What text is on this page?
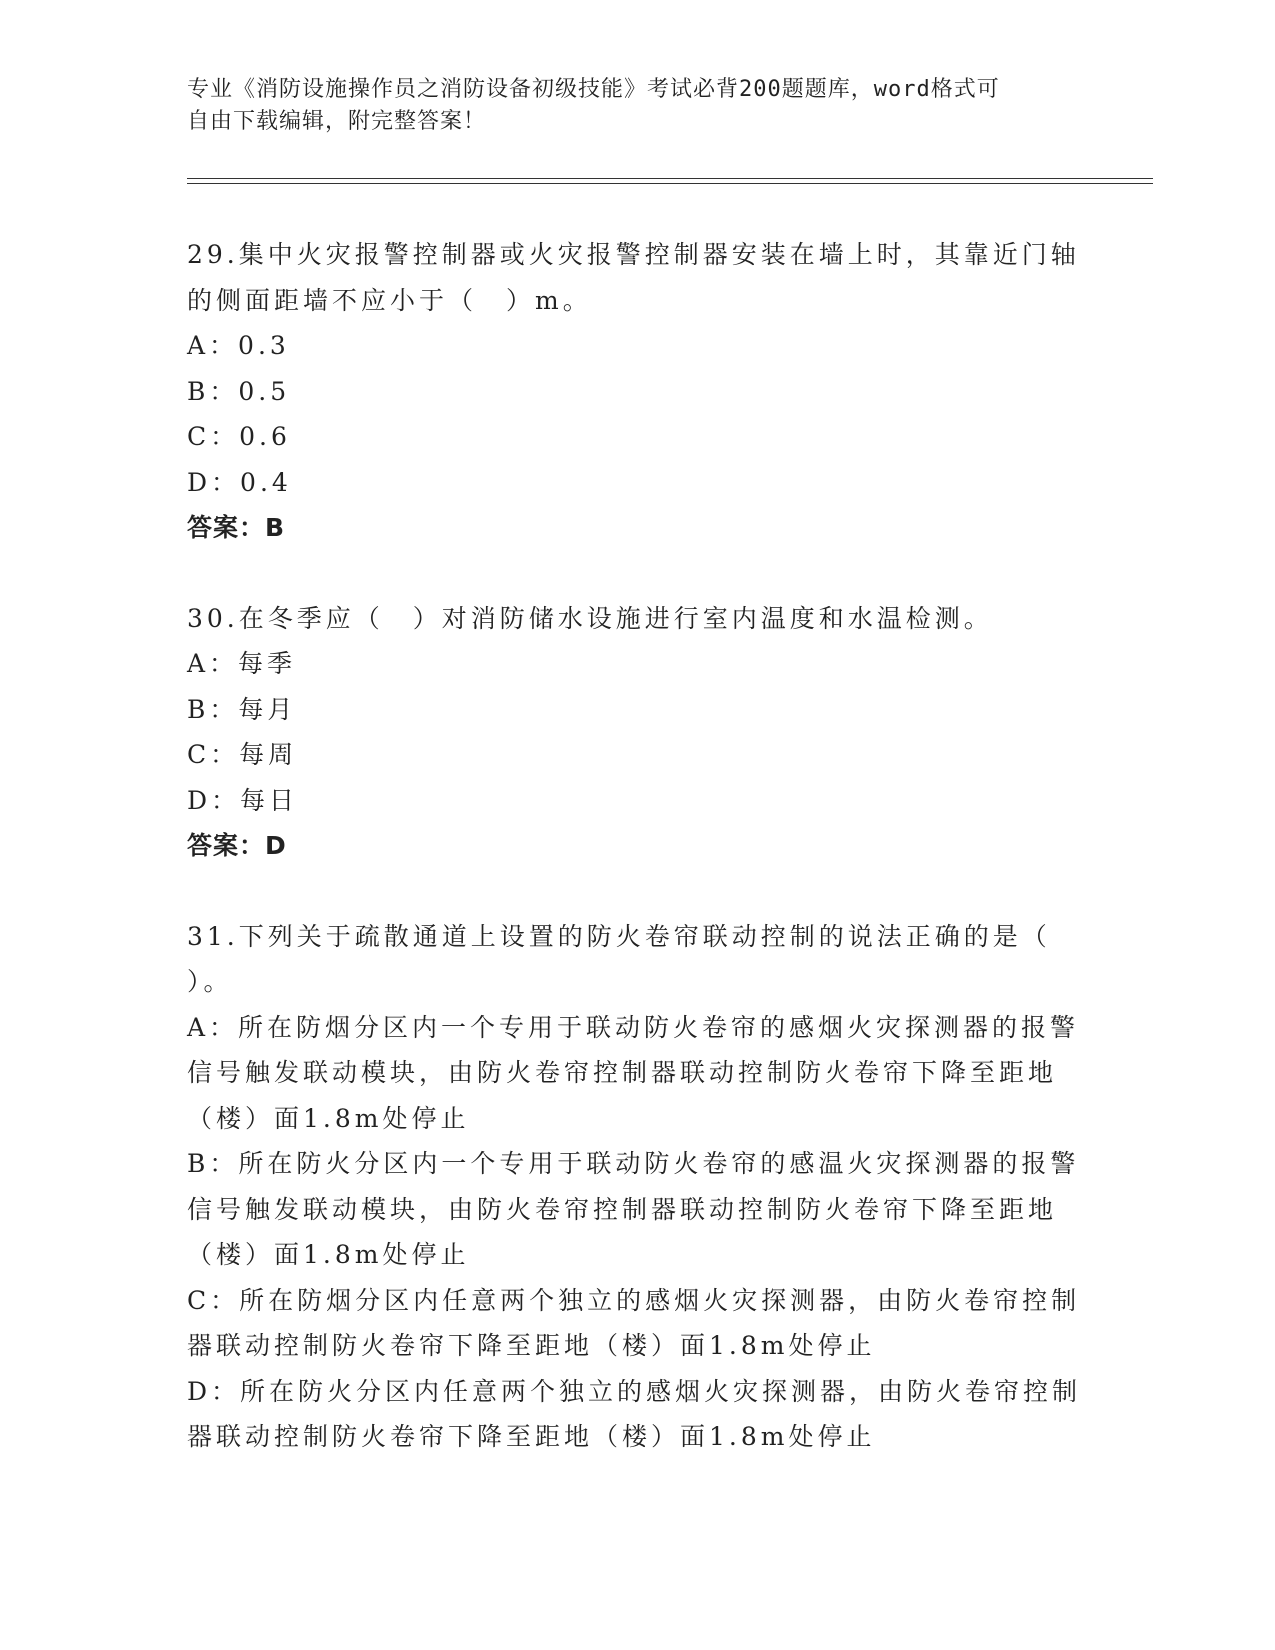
专业《消防设施操作员之消防设备初级技能》考试必背200题题库，word格式可
自由下载编辑，附完整答案！
29.集中火灾报警控制器或火灾报警控制器安装在墙上时，其靠近门轴
的侧面距墙不应小于（　）m。
A：0.3
B：0.5
C：0.6
D：0.4
答案：B
30.在冬季应（　）对消防储水设施进行室内温度和水温检测。
A：每季
B：每月
C：每周
D：每日
答案：D
31.下列关于疏散通道上设置的防火卷帘联动控制的说法正确的是（
）。
A：所在防烟分区内一个专用于联动防火卷帘的感烟火灾探测器的报警
信号触发联动模块，由防火卷帘控制器联动控制防火卷帘下降至距地
（楼）面1.8m处停止
B：所在防火分区内一个专用于联动防火卷帘的感温火灾探测器的报警
信号触发联动模块，由防火卷帘控制器联动控制防火卷帘下降至距地
（楼）面1.8m处停止
C：所在防烟分区内任意两个独立的感烟火灾探测器，由防火卷帘控制
器联动控制防火卷帘下降至距地（楼）面1.8m处停止
D：所在防火分区内任意两个独立的感烟火灾探测器，由防火卷帘控制
器联动控制防火卷帘下降至距地（楼）面1.8m处停止
